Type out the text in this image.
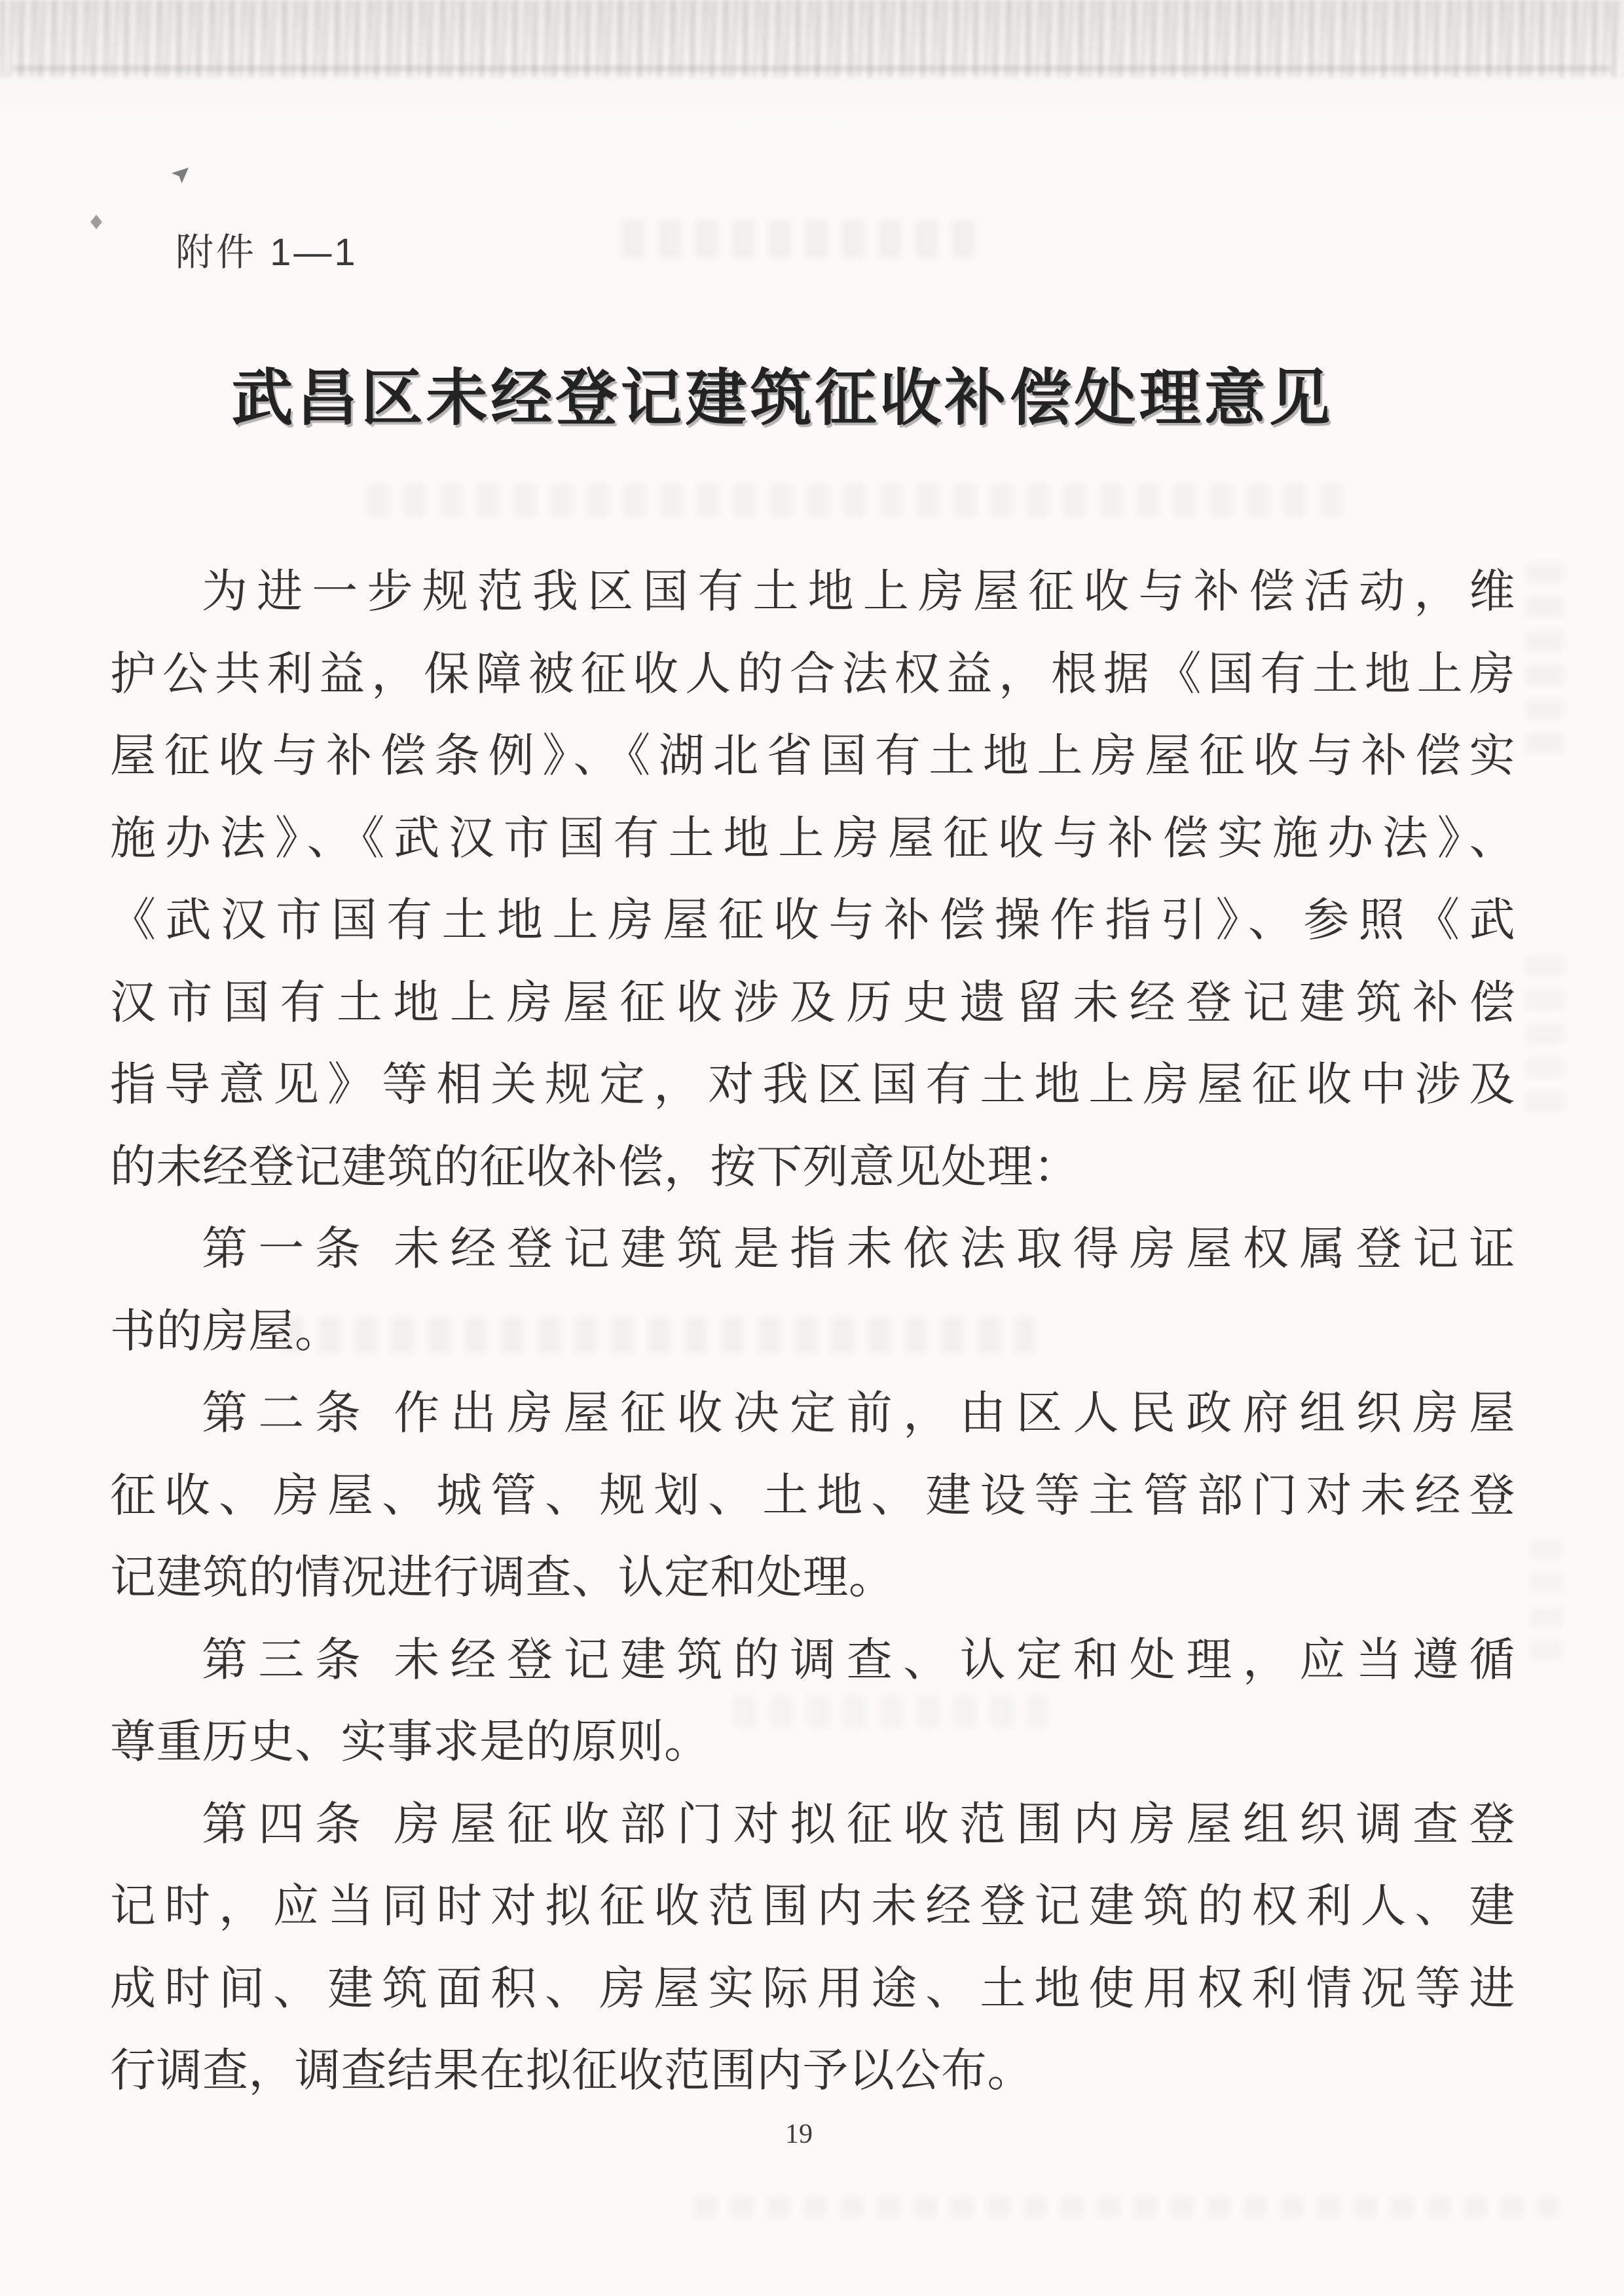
附件 1—1
武昌区未经登记建筑征收补偿处理意见
为进一步规范我区国有土地上房屋征收与补偿活动，维
护公共利益，保障被征收人的合法权益，根据《国有土地上房
屋征收与补偿条例》、《湖北省国有土地上房屋征收与补偿实
施办法》、《武汉市国有土地上房屋征收与补偿实施办法》、
《武汉市国有土地上房屋征收与补偿操作指引》、参照《武
汉市国有土地上房屋征收涉及历史遗留未经登记建筑补偿
指导意见》等相关规定，对我区国有土地上房屋征收中涉及
的未经登记建筑的征收补偿，按下列意见处理：
第一条 未经登记建筑是指未依法取得房屋权属登记证
书的房屋。
第二条 作出房屋征收决定前，由区人民政府组织房屋
征收、房屋、城管、规划、土地、建设等主管部门对未经登
记建筑的情况进行调查、认定和处理。
第三条 未经登记建筑的调查、认定和处理，应当遵循
尊重历史、实事求是的原则。
第四条 房屋征收部门对拟征收范围内房屋组织调查登
记时，应当同时对拟征收范围内未经登记建筑的权利人、建
成时间、建筑面积、房屋实际用途、土地使用权利情况等进
行调查，调查结果在拟征收范围内予以公布。
19
